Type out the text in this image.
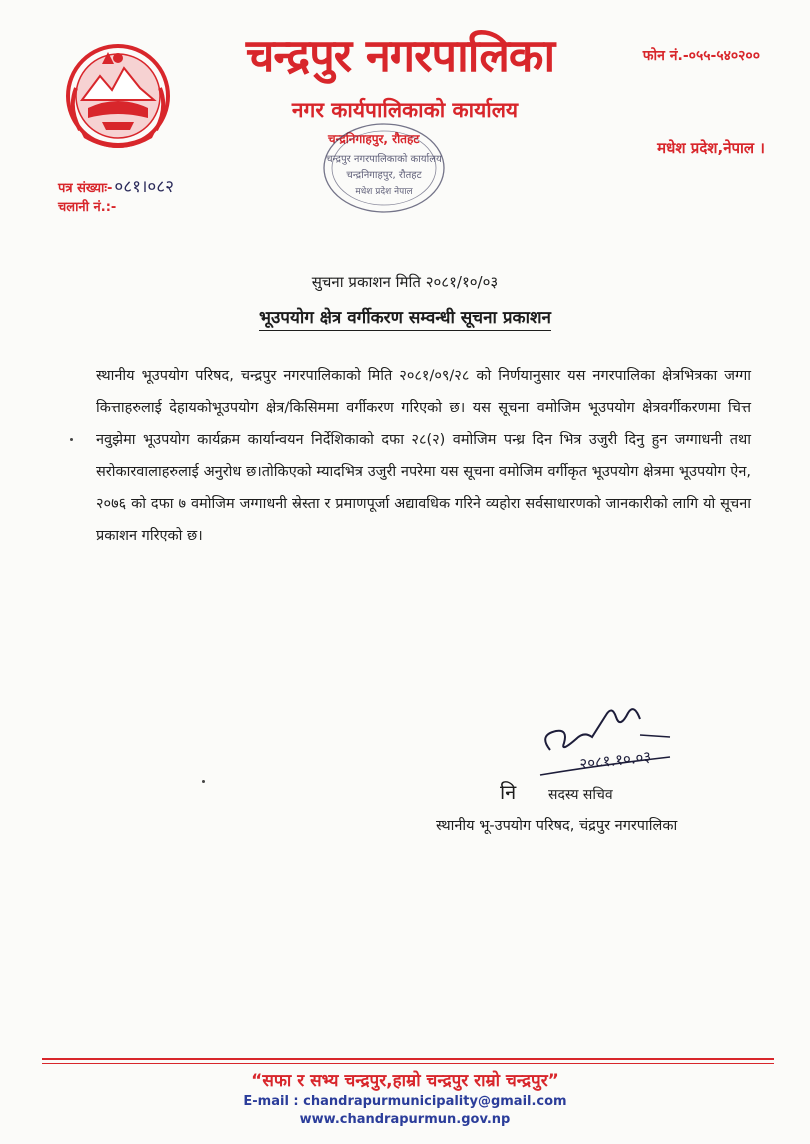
चन्द्रपुर नगरपालिका
नगर कार्यपालिकाको कार्यालय
चन्द्रनिगाहपुर, रौतहट
फोन नं.-०५५-५४०२००
मधेश प्रदेश,नेपाल ।
चन्द्रपुर नगरपालिकाको कार्यालय
चन्द्रनिगाहपुर, रौतहट
मधेश प्रदेश नेपाल
पत्र संख्याः- ०८१।०८२
चलानी नं.:-
सुचना प्रकाशन मिति २०८१/१०/०३
भूउपयोग क्षेत्र वर्गीकरण सम्वन्धी सूचना प्रकाशन
स्थानीय भूउपयोग परिषद, चन्द्रपुर नगरपालिकाको मिति २०८१/०९/२८ को निर्णयानुसार यस नगरपालिका क्षेत्रभित्रका जग्गा कित्ताहरुलाई देहायकोभूउपयोग क्षेत्र/किसिममा वर्गीकरण गरिएको छ। यस सूचना वमोजिम भूउपयोग क्षेत्रवर्गीकरणमा चित्त नवुझेमा भूउपयोग कार्यक्रम कार्यान्वयन निर्देशिकाको दफा २८(२) वमोजिम पन्ध्र दिन भित्र उजुरी दिनु हुन जग्गाधनी तथा सरोकारवालाहरुलाई अनुरोध छ।तोकिएको म्यादभित्र उजुरी नपरेमा यस सूचना वमोजिम वर्गीकृत भूउपयोग क्षेत्रमा भूउपयोग ऐन, २०७६ को दफा ७ वमोजिम जग्गाधनी स्रेस्ता र प्रमाणपूर्जा अद्यावधिक गरिने व्यहोरा सर्वसाधारणको जानकारीको लागि यो सूचना प्रकाशन गरिएको छ।
२०८१.१०.०३
नि सदस्य सचिव
स्थानीय भू-उपयोग परिषद, चंद्रपुर नगरपालिका
“सफा र सभ्य चन्द्रपुर,हाम्रो चन्द्रपुर राम्रो चन्द्रपुर”
E-mail : chandrapurmunicipality@gmail.com
www.chandrapurmun.gov.np
